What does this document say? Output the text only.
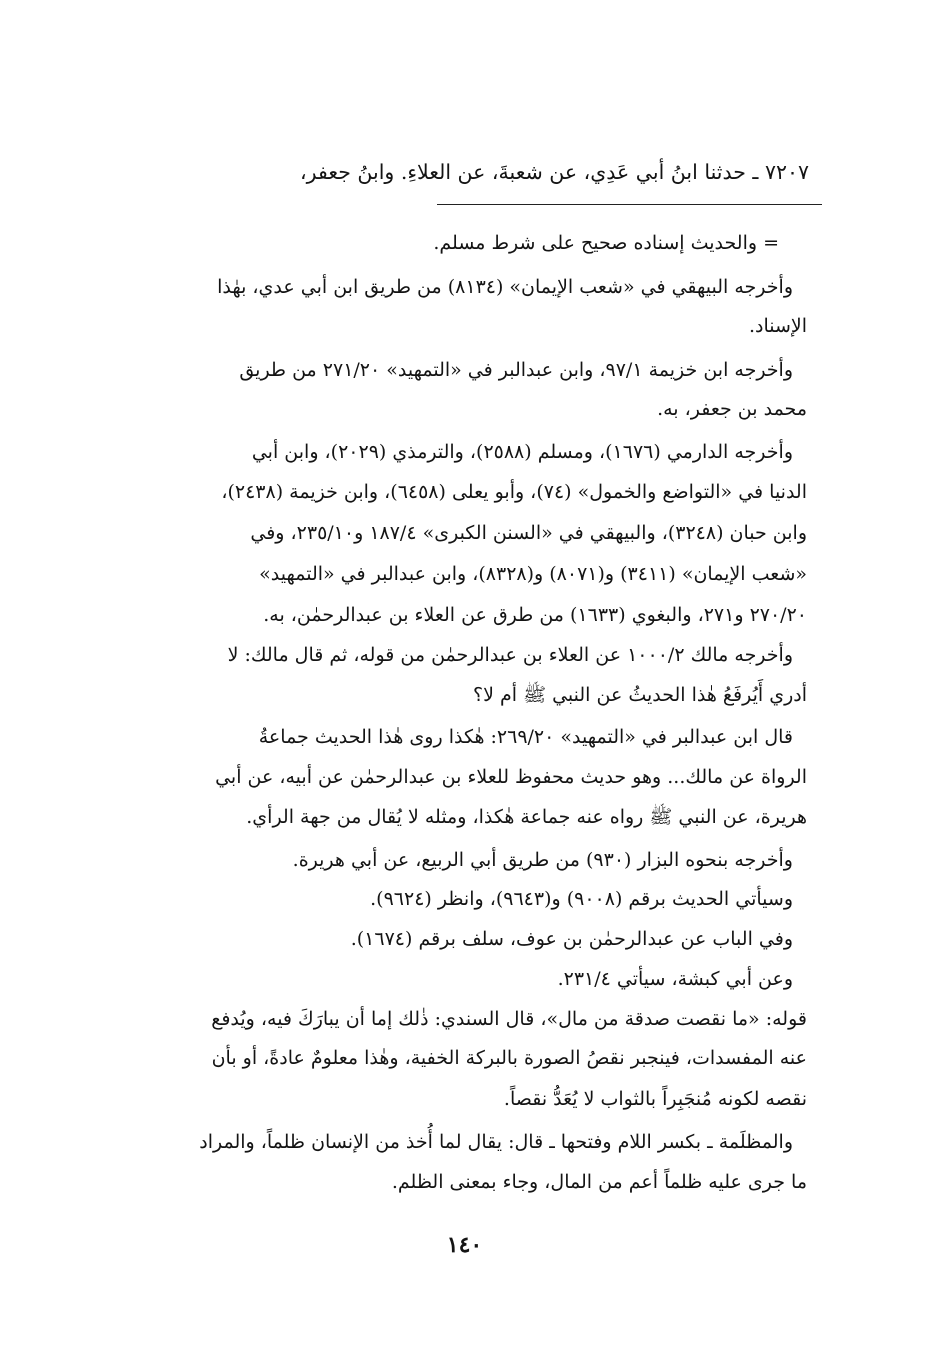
٧٢٠٧ ـ حدثنا ابنُ أبي عَدِي، عن شعبةَ، عن العلاءِ. وابنُ جعفر،
= والحديث إسناده صحيح على شرط مسلم.
وأخرجه البيهقي في «شعب الإيمان» (٨١٣٤) من طريق ابن أبي عدي، بهٰذا
الإسناد.
وأخرجه ابن خزيمة ٩٧/١، وابن عبدالبر في «التمهيد» ٢٧١/٢٠ من طريق
محمد بن جعفر، به.
وأخرجه الدارمي (١٦٧٦)، ومسلم (٢٥٨٨)، والترمذي (٢٠٢٩)، وابن أبي
الدنيا في «التواضع والخمول» (٧٤)، وأبو يعلى (٦٤٥٨)، وابن خزيمة (٢٤٣٨)،
وابن حبان (٣٢٤٨)، والبيهقي في «السنن الكبرى» ١٨٧/٤ و٢٣٥/١٠، وفي
«شعب الإيمان» (٣٤١١) و(٨٠٧١) و(٨٣٢٨)، وابن عبدالبر في «التمهيد»
٢٧٠/٢٠ و٢٧١، والبغوي (١٦٣٣) من طرق عن العلاء بن عبدالرحمٰن، به.
وأخرجه مالك ١٠٠٠/٢ عن العلاء بن عبدالرحمٰن من قوله، ثم قال مالك: لا
أدري أَيُرفَعُ هٰذا الحديثُ عن النبي ﷺ أم لا؟
قال ابن عبدالبر في «التمهيد» ٢٦٩/٢٠: هٰكذا روى هٰذا الحديث جماعةُ
الرواة عن مالك... وهو حديث محفوظ للعلاء بن عبدالرحمٰن عن أبيه، عن أبي
هريرة، عن النبي ﷺ رواه عنه جماعة هٰكذا، ومثله لا يُقال من جهة الرأي.
وأخرجه بنحوه البزار (٩٣٠) من طريق أبي الربيع، عن أبي هريرة.
وسيأتي الحديث برقم (٩٠٠٨) و(٩٦٤٣)، وانظر (٩٦٢٤).
وفي الباب عن عبدالرحمٰن بن عوف، سلف برقم (١٦٧٤).
وعن أبي كبشة، سيأتي ٢٣١/٤.
قوله: «ما نقصت صدقة من مال»، قال السندي: ذٰلك إما أن يبارَكَ فيه، ويُدفع
عنه المفسدات، فينجبر نقصُ الصورة بالبركة الخفية، وهٰذا معلومٌ عادةً، أو بأن
نقصه لكونه مُنجَبِراً بالثواب لا يُعَدُّ نقصاً.
والمظلَمة ـ بكسر اللام وفتحها ـ قال: يقال لما أُخذ من الإنسان ظلماً، والمراد
ما جرى عليه ظلماً أعم من المال، وجاء بمعنى الظلم.
١٤٠
